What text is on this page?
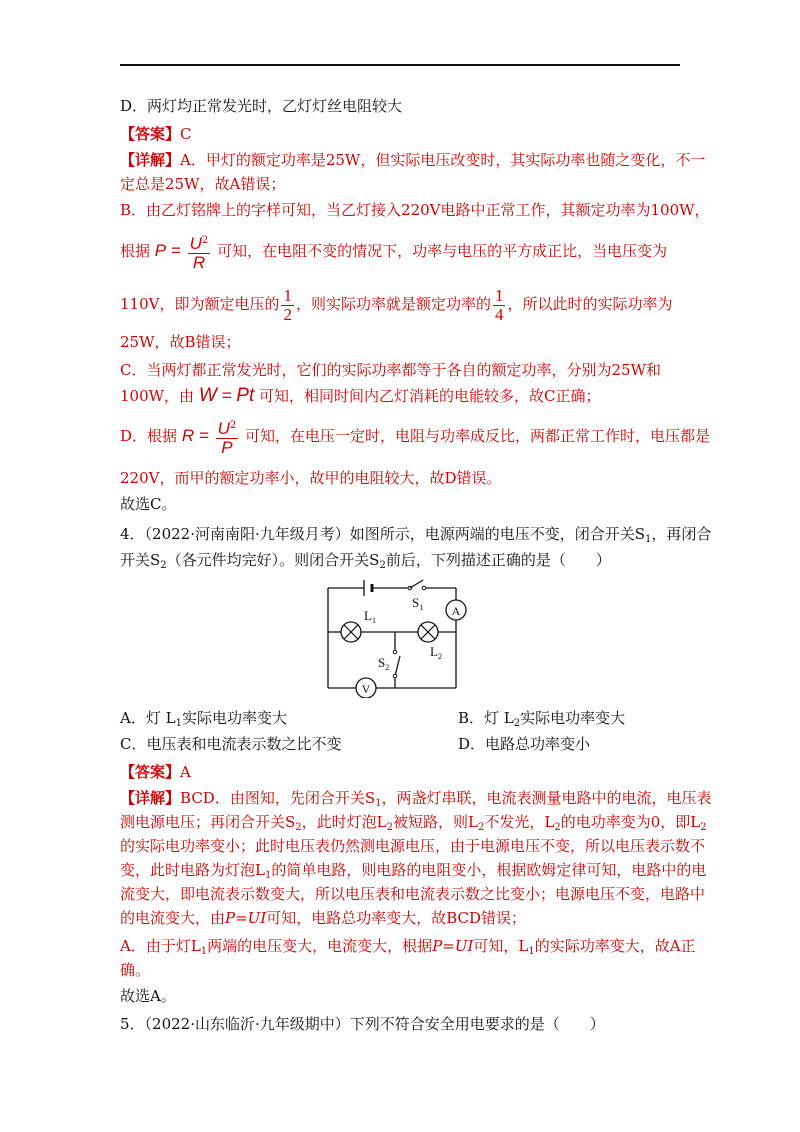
D．两灯均正常发光时，乙灯灯丝电阻较大
【答案】C
【详解】A．甲灯的额定功率是25W，但实际电压改变时，其实际功率也随之变化，不一
定总是25W，故A错误；
B．由乙灯铭牌上的字样可知，当乙灯接入220V电路中正常工作，其额定功率为100W，
根据 $P = \frac{U^2}{R}$ 可知，在电阻不变的情况下，功率与电压的平方成正比，当电压变为
110V，即为额定电压的 $\frac{1}{2}$ ，则实际功率就是额定功率的 $\frac{1}{4}$ ，所以此时的实际功率为
25W，故B错误；
C．当两灯都正常发光时，它们的实际功率都等于各自的额定功率，分别为25W和
100W，由 W = Pt 可知，相同时间内乙灯消耗的电能较多，故C正确；
D．根据 $R = \frac{U^2}{P}$ 可知，在电压一定时，电阻与功率成反比，两都正常工作时，电压都是
220V，而甲的额定功率小，故甲的电阻较大，故D错误。
故选C。
4．（2022·河南南阳·九年级月考）如图所示，电源两端的电压不变，闭合开关$S_1$，再闭合
开关$S_2$（各元件均完好）。则闭合开关$S_2$前后，下列描述正确的是（　　）
$S_1$ A
$L_1$
$L_2$
$S_2$
V
A．灯 $L_1$实际电功率变大	B．灯 $L_2$实际电功率变大
C．电压表和电流表示数之比不变	D．电路总功率变小
【答案】A
【详解】BCD．由图知，先闭合开关$S_1$，两盏灯串联，电流表测量电路中的电流，电压表
测电源电压；再闭合开关$S_2$，此时灯泡$L_2$被短路，则$L_2$不发光，$L_2$的电功率变为0，即$L_2$
的实际电功率变小；此时电压表仍然测电源电压，由于电源电压不变，所以电压表示数不
变，此时电路为灯泡$L_1$的简单电路，则电路的电阻变小，根据欧姆定律可知，电路中的电
流变大，即电流表示数变大，所以电压表和电流表示数之比变小；电源电压不变，电路中
的电流变大，由P=UI可知，电路总功率变大，故BCD错误；
A．由于灯$L_1$两端的电压变大，电流变大，根据P=UI可知，$L_1$的实际功率变大，故A正
确。
故选A。
5．（2022·山东临沂·九年级期中）下列不符合安全用电要求的是（　　）
